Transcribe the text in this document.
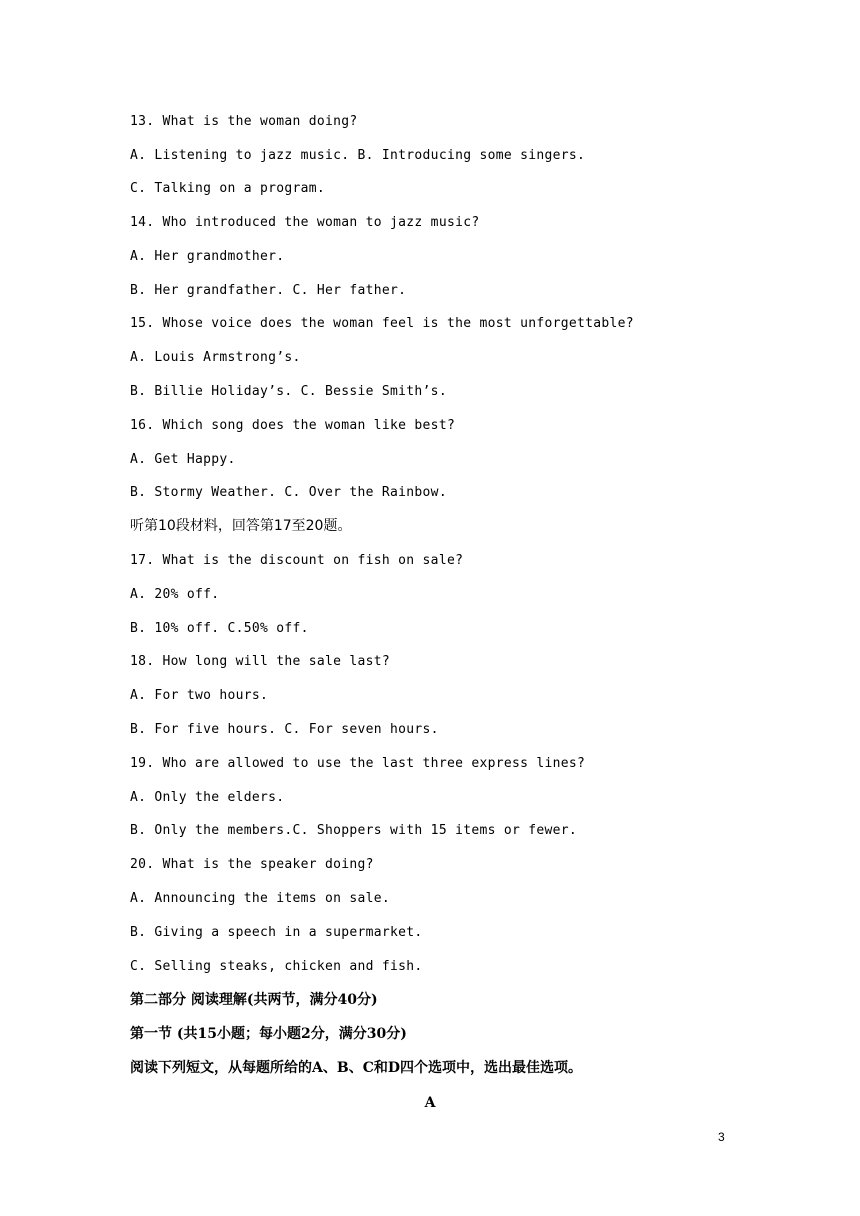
13. What is the woman doing?
A. Listening to jazz music. B. Introducing some singers.
C. Talking on a program.
14. Who introduced the woman to jazz music?
A. Her grandmother.
B. Her grandfather. C. Her father.
15. Whose voice does the woman feel is the most unforgettable?
A. Louis Armstrong’s.
B. Billie Holiday’s. C. Bessie Smith’s.
16. Which song does the woman like best?
A. Get Happy.
B. Stormy Weather. C. Over the Rainbow.
听第10段材料，回答第17至20题。
17. What is the discount on fish on sale?
A. 20% off.
B. 10% off. C.50% off.
18. How long will the sale last?
A. For two hours.
B. For five hours. C. For seven hours.
19. Who are allowed to use the last three express lines?
A. Only the elders.
B. Only the members.C. Shoppers with 15 items or fewer.
20. What is the speaker doing?
A. Announcing the items on sale.
B. Giving a speech in a supermarket.
C. Selling steaks, chicken and fish.
第二部分 阅读理解(共两节，满分40分)
第一节 (共15小题；每小题2分，满分30分)
阅读下列短文，从每题所给的A、B、C和D四个选项中，选出最佳选项。
A
3
